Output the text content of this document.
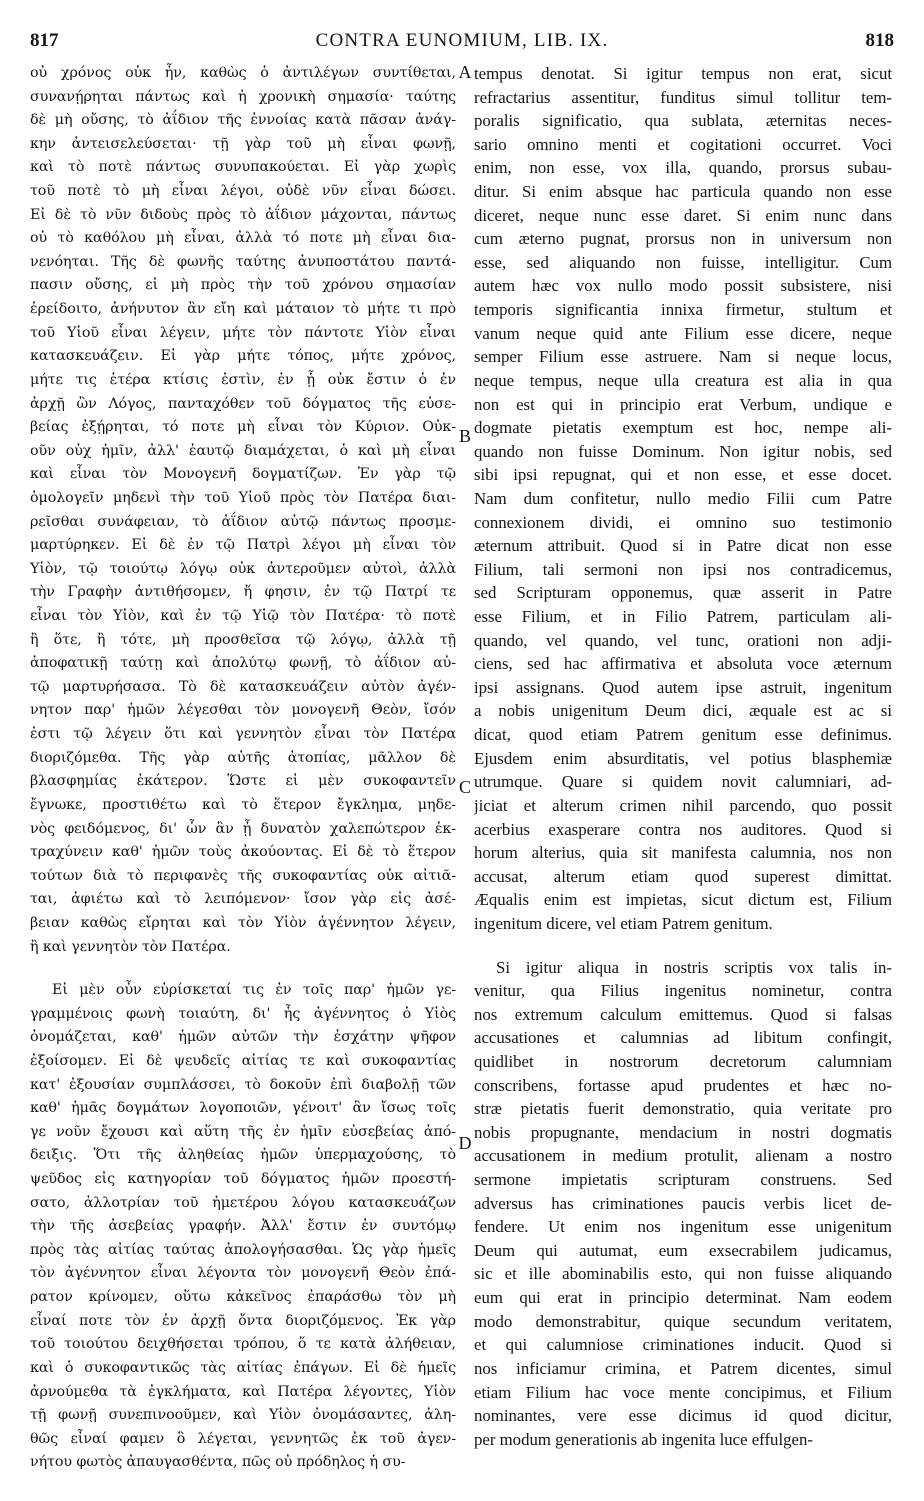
817	CONTRA EUNOMIUM, LIB. IX.	818
οὐ χρόνος οὐκ ἦν, καθὼς ὁ ἀντιλέγων συντίθεται,
συνανῄρηται πάντως καὶ ἡ χρονικὴ σημασία· ταύτης
δὲ μὴ οὔσης, τὸ ἀΐδιον τῆς ἐννοίας κατὰ πᾶσαν ἀνάγ-
κην ἀντεισελεύσεται· τῇ γὰρ τοῦ μὴ εἶναι φωνῇ,
καὶ τὸ ποτὲ πάντως συνυπακούεται. Εἰ γὰρ χωρὶς
τοῦ ποτὲ τὸ μὴ εἶναι λέγοι, οὐδὲ νῦν εἶναι δώσει.
Εἰ δὲ τὸ νῦν διδοὺς πρὸς τὸ ἀΐδιον μάχονται, πάντως
οὐ τὸ καθόλου μὴ εἶναι, ἀλλὰ τό ποτε μὴ εἶναι δια-
νενόηται. Τῆς δὲ φωνῆς ταύτης ἀνυποστάτου παντά-
πασιν οὔσης, εἰ μὴ πρὸς τὴν τοῦ χρόνου σημασίαν
ἐρείδοιτο, ἀνήνυτον ἂν εἴη καὶ μάταιον τὸ μήτε τι πρὸ
τοῦ Υἱοῦ εἶναι λέγειν, μήτε τὸν πάντοτε Υἱὸν εἶναι
κατασκευάζειν. Εἰ γὰρ μήτε τόπος, μήτε χρόνος,
μήτε τις ἑτέρα κτίσις ἐστὶν, ἐν ᾗ οὐκ ἔστιν ὁ ἐν
ἀρχῇ ὢν Λόγος, πανταχόθεν τοῦ δόγματος τῆς εὐσε-
βείας ἐξῄρηται, τό ποτε μὴ εἶναι τὸν Κύριον. Οὐκ-
οῦν οὐχ ἡμῖν, ἀλλ' ἑαυτῷ διαμάχεται, ὁ καὶ μὴ εἶναι
καὶ εἶναι τὸν Μονογενῆ δογματίζων. Ἐν γὰρ τῷ
ὁμολογεῖν μηδενὶ τὴν τοῦ Υἱοῦ πρὸς τὸν Πατέρα διαι-
ρεῖσθαι συνάφειαν, τὸ ἀΐδιον αὐτῷ πάντως προσμε-
μαρτύρηκεν. Εἰ δὲ ἐν τῷ Πατρὶ λέγοι μὴ εἶναι τὸν
Υἱὸν, τῷ τοιούτῳ λόγῳ οὐκ ἀντεροῦμεν αὐτοὶ, ἀλλὰ
τὴν Γραφὴν ἀντιθήσομεν, ἥ φησιν, ἐν τῷ Πατρί τε
εἶναι τὸν Υἱὸν, καὶ ἐν τῷ Υἱῷ τὸν Πατέρα· τὸ ποτὲ
ἢ ὅτε, ἢ τότε, μὴ προσθεῖσα τῷ λόγῳ, ἀλλὰ τῇ
ἀποφατικῇ ταύτῃ καὶ ἀπολύτῳ φωνῇ, τὸ ἀΐδιον αὐ-
τῷ μαρτυρήσασα. Τὸ δὲ κατασκευάζειν αὐτὸν ἀγέν-
νητον παρ' ἡμῶν λέγεσθαι τὸν μονογενῆ Θεὸν, ἴσόν
ἐστι τῷ λέγειν ὅτι καὶ γεννητὸν εἶναι τὸν Πατέρα
διοριζόμεθα. Τῆς γὰρ αὐτῆς ἀτοπίας, μᾶλλον δὲ
βλασφημίας ἑκάτερον. Ὥστε εἰ μὲν συκοφαντεῖν
ἔγνωκε, προστιθέτω καὶ τὸ ἕτερον ἔγκλημα, μηδε-
νὸς φειδόμενος, δι' ὧν ἂν ᾖ δυνατὸν χαλεπώτερον ἐκ-
τραχύνειν καθ' ἡμῶν τοὺς ἀκούοντας. Εἰ δὲ τὸ ἕτερον
τούτων διὰ τὸ περιφανὲς τῆς συκοφαντίας οὐκ αἰτιᾶ-
ται, ἀφιέτω καὶ τὸ λειπόμενον· ἴσον γὰρ εἰς ἀσέ-
βειαν καθὼς εἴρηται καὶ τὸν Υἱὸν ἀγέννητον λέγειν,
ἢ καὶ γεννητὸν τὸν Πατέρα.
Εἰ μὲν οὖν εὑρίσκεταί τις ἐν τοῖς παρ' ἡμῶν γε-
γραμμένοις φωνὴ τοιαύτη, δι' ἧς ἀγέννητος ὁ Υἱὸς
ὀνομάζεται, καθ' ἡμῶν αὐτῶν τὴν ἐσχάτην ψῆφον
ἐξοίσομεν. Εἰ δὲ ψευδεῖς αἰτίας τε καὶ συκοφαντίας
κατ' ἐξουσίαν συμπλάσσει, τὸ δοκοῦν ἐπὶ διαβολῇ τῶν
καθ' ἡμᾶς δογμάτων λογοποιῶν, γένοιτ' ἂν ἴσως τοῖς
γε νοῦν ἔχουσι καὶ αὕτη τῆς ἐν ἡμῖν εὐσεβείας ἀπό-
δειξις. Ὅτι τῆς ἀληθείας ἡμῶν ὑπερμαχούσης, τὸ
ψεῦδος εἰς κατηγορίαν τοῦ δόγματος ἡμῶν προεστή-
σατο, ἀλλοτρίαν τοῦ ἡμετέρου λόγου κατασκευάζων
τὴν τῆς ἀσεβείας γραφήν. Ἀλλ' ἔστιν ἐν συντόμῳ
πρὸς τὰς αἰτίας ταύτας ἀπολογήσασθαι. Ὡς γὰρ ἡμεῖς
τὸν ἀγέννητον εἶναι λέγοντα τὸν μονογενῆ Θεὸν ἐπά-
ρατον κρίνομεν, οὕτω κἀκεῖνος ἐπαράσθω τὸν μὴ
εἶναί ποτε τὸν ἐν ἀρχῇ ὄντα διοριζόμενος. Ἐκ γὰρ
τοῦ τοιούτου δειχθήσεται τρόπου, ὅ τε κατὰ ἀλήθειαν,
καὶ ὁ συκοφαντικῶς τὰς αἰτίας ἐπάγων. Εἰ δὲ ἡμεῖς
ἀρνούμεθα τὰ ἐγκλήματα, καὶ Πατέρα λέγοντες, Υἱὸν
τῇ φωνῇ συνεπινοοῦμεν, καὶ Υἱὸν ὀνομάσαντες, ἀλη-
θῶς εἶναί φαμεν ὃ λέγεται, γεννητῶς ἐκ τοῦ ἀγεν-
νήτου φωτὸς ἀπαυγασθέντα, πῶς οὐ πρόδηλος ἡ συ-
tempus denotat. Si igitur tempus non erat, sicut
refractarius assentitur, funditus simul tollitur tem-
poralis significatio, qua sublata, æternitas neces-
sario omnino menti et cogitationi occurret. Voci
enim, non esse, vox illa, quando, prorsus subau-
ditur. Si enim absque hac particula quando non esse
diceret, neque nunc esse daret. Si enim nunc dans
cum æterno pugnat, prorsus non in universum non
esse, sed aliquando non fuisse, intelligitur. Cum
autem hæc vox nullo modo possit subsistere, nisi
temporis significantia innixa firmetur, stultum et
vanum neque quid ante Filium esse dicere, neque
semper Filium esse astruere. Nam si neque locus,
neque tempus, neque ulla creatura est alia in qua
non est qui in principio erat Verbum, undique e
dogmate pietatis exemptum est hoc, nempe ali-
quando non fuisse Dominum. Non igitur nobis, sed
sibi ipsi repugnat, qui et non esse, et esse docet.
Nam dum confitetur, nullo medio Filii cum Patre
connexionem dividi, ei omnino suo testimonio
æternum attribuit. Quod si in Patre dicat non esse
Filium, tali sermoni non ipsi nos contradicemus,
sed Scripturam opponemus, quæ asserit in Patre
esse Filium, et in Filio Patrem, particulam ali-
quando, vel quando, vel tunc, orationi non adji-
ciens, sed hac affirmativa et absoluta voce æternum
ipsi assignans. Quod autem ipse astruit, ingenitum
a nobis unigenitum Deum dici, æquale est ac si
dicat, quod etiam Patrem genitum esse definimus.
Ejusdem enim absurditatis, vel potius blasphemiæ
utrumque. Quare si quidem novit calumniari, ad-
jiciat et alterum crimen nihil parcendo, quo possit
acerbius exasperare contra nos auditores. Quod si
horum alterius, quia sit manifesta calumnia, nos non
accusat, alterum etiam quod superest dimittat.
Æqualis enim est impietas, sicut dictum est, Filium
ingenitum dicere, vel etiam Patrem genitum.
Si igitur aliqua in nostris scriptis vox talis in-
venitur, qua Filius ingenitus nominetur, contra
nos extremum calculum emittemus. Quod si falsas
accusationes et calumnias ad libitum confingit,
quidlibet in nostrorum decretorum calumniam
conscribens, fortasse apud prudentes et hæc no-
stræ pietatis fuerit demonstratio, quia veritate pro
nobis propugnante, mendacium in nostri dogmatis
accusationem in medium protulit, alienam a nostro
sermone impietatis scripturam construens. Sed
adversus has criminationes paucis verbis licet de-
fendere. Ut enim nos ingenitum esse unigenitum
Deum qui autumat, eum exsecrabilem judicamus,
sic et ille abominabilis esto, qui non fuisse aliquando
eum qui erat in principio determinat. Nam eodem
modo demonstrabitur, quique secundum veritatem,
et qui calumniose criminationes inducit. Quod si
nos inficiamur crimina, et Patrem dicentes, simul
etiam Filium hac voce mente concipimus, et Filium
nominantes, vere esse dicimus id quod dicitur,
per modum generationis ab ingenita luce effulgen-
A
B
C
D
